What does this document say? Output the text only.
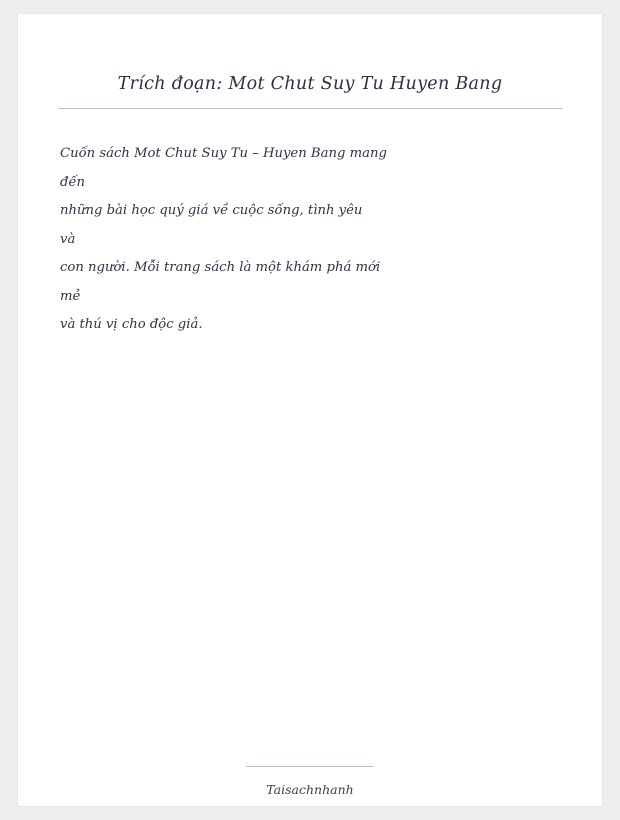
Trích đoạn: Mot Chut Suy Tu Huyen Bang
Cuốn sách Mot Chut Suy Tu – Huyen Bang mang
đến
những bài học quý giá về cuộc sống, tình yêu
và
con người. Mỗi trang sách là một khám phá mới
mẻ
và thú vị cho độc giả.
Taisachnhanh
